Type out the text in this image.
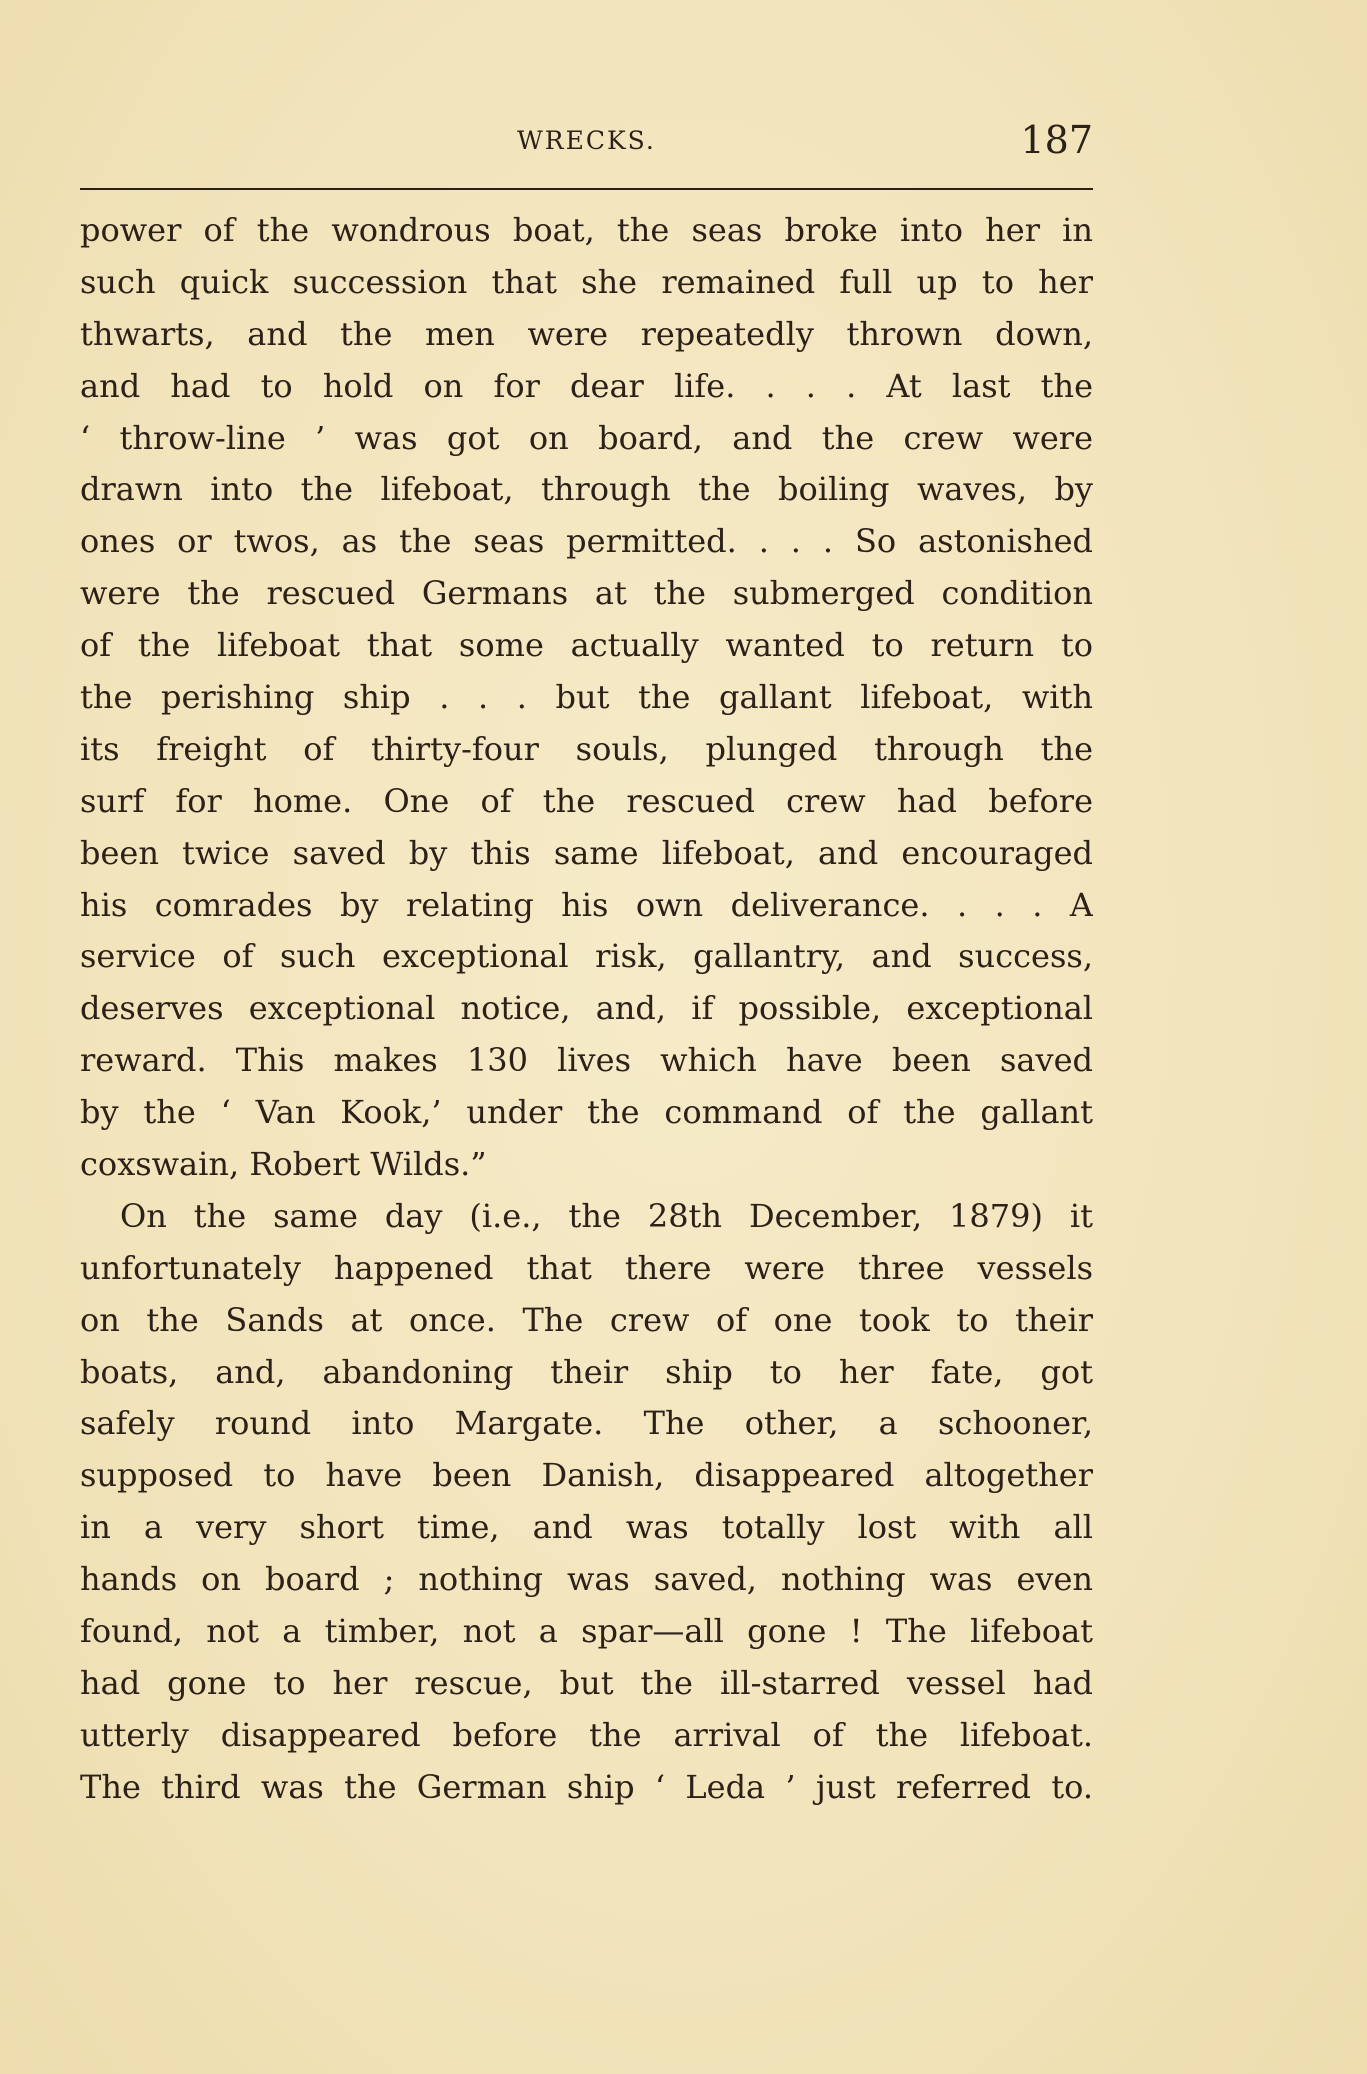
WRECKS.	187
power of the wondrous boat, the seas broke into her in
such quick succession that she remained full up to her
thwarts, and the men were repeatedly thrown down,
and had to hold on for dear life. . . . At last the
‘ throw-line ’ was got on board, and the crew were
drawn into the lifeboat, through the boiling waves, by
ones or twos, as the seas permitted. . . . So astonished
were the rescued Germans at the submerged condition
of the lifeboat that some actually wanted to return to
the perishing ship . . . but the gallant lifeboat, with
its freight of thirty-four souls, plunged through the
surf for home. One of the rescued crew had before
been twice saved by this same lifeboat, and encouraged
his comrades by relating his own deliverance. . . . A
service of such exceptional risk, gallantry, and success,
deserves exceptional notice, and, if possible, exceptional
reward. This makes 130 lives which have been saved
by the ‘ Van Kook,’ under the command of the gallant
coxswain, Robert Wilds.”
On the same day (i.e., the 28th December, 1879) it
unfortunately happened that there were three vessels
on the Sands at once. The crew of one took to their
boats, and, abandoning their ship to her fate, got
safely round into Margate. The other, a schooner,
supposed to have been Danish, disappeared altogether
in a very short time, and was totally lost with all
hands on board ; nothing was saved, nothing was even
found, not a timber, not a spar—all gone ! The lifeboat
had gone to her rescue, but the ill-starred vessel had
utterly disappeared before the arrival of the lifeboat.
The third was the German ship ‘ Leda ’ just referred to.
